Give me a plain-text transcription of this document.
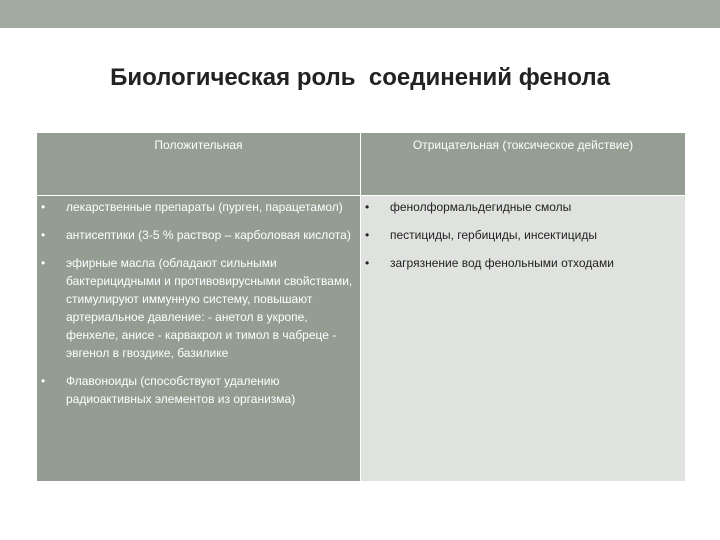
Биологическая роль  соединений фенола
Положительная	Отрицательная (токсическое действие)
• лекарственные препараты (пурген, парацетамол)
• антисептики (3-5 % раствор – карболовая кислота)
• эфирные масла (обладают сильными бактерицидными и противовирусными свойствами, стимулируют иммунную систему, повышают артериальное давление: - анетол в укропе, фенхеле, анисе - карвакрол и тимол в чабреце - эвгенол в гвоздике, базилике
• Флавоноиды (способствуют удалению радиоактивных элементов из организма)
• фенолформальдегидные смолы
• пестициды, гербициды, инсектициды
• загрязнение вод фенольными отходами
